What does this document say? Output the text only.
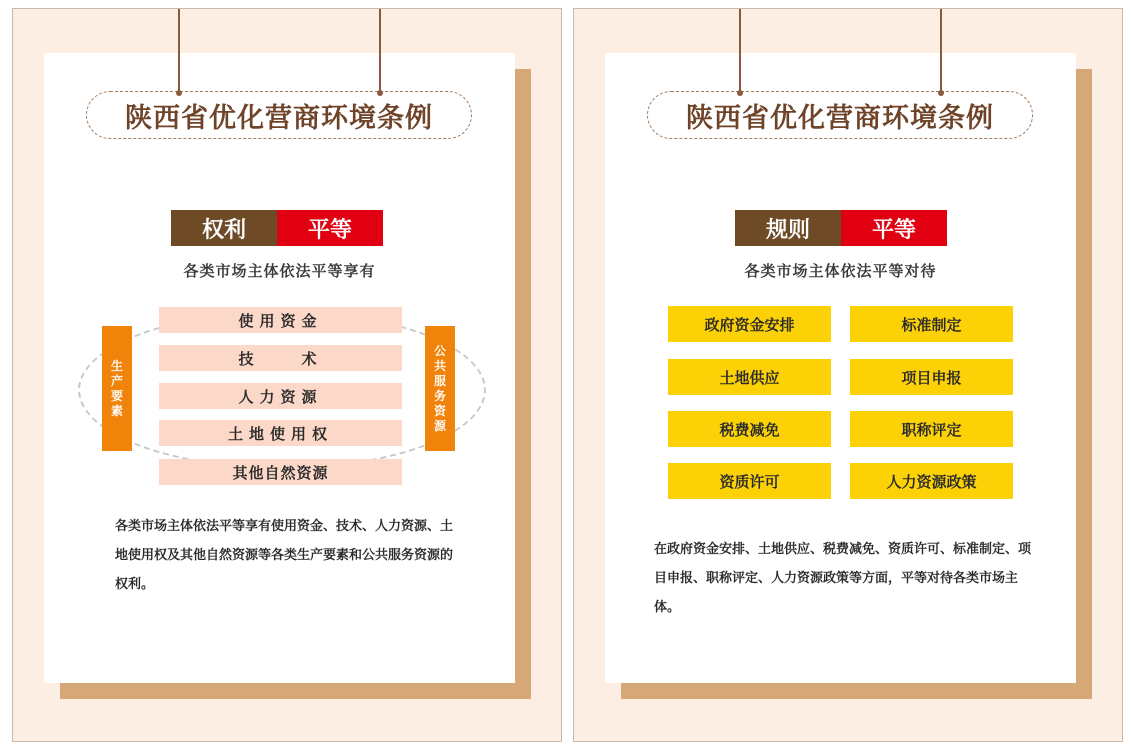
陕西省优化营商环境条例
权利	平等
各类市场主体依法平等享有
生产要素
公共服务资源
使用资金
技　　术
人力资源
土地使用权
其他自然资源
各类市场主体依法平等享有使用资金、技术、人力资源、土地使用权及其他自然资源等各类生产要素和公共服务资源的权利。
陕西省优化营商环境条例
规则	平等
各类市场主体依法平等对待
政府资金安排	标准制定
土地供应	项目申报
税费减免	职称评定
资质许可	人力资源政策
在政府资金安排、土地供应、税费减免、资质许可、标准制定、项目申报、职称评定、人力资源政策等方面，平等对待各类市场主体。
